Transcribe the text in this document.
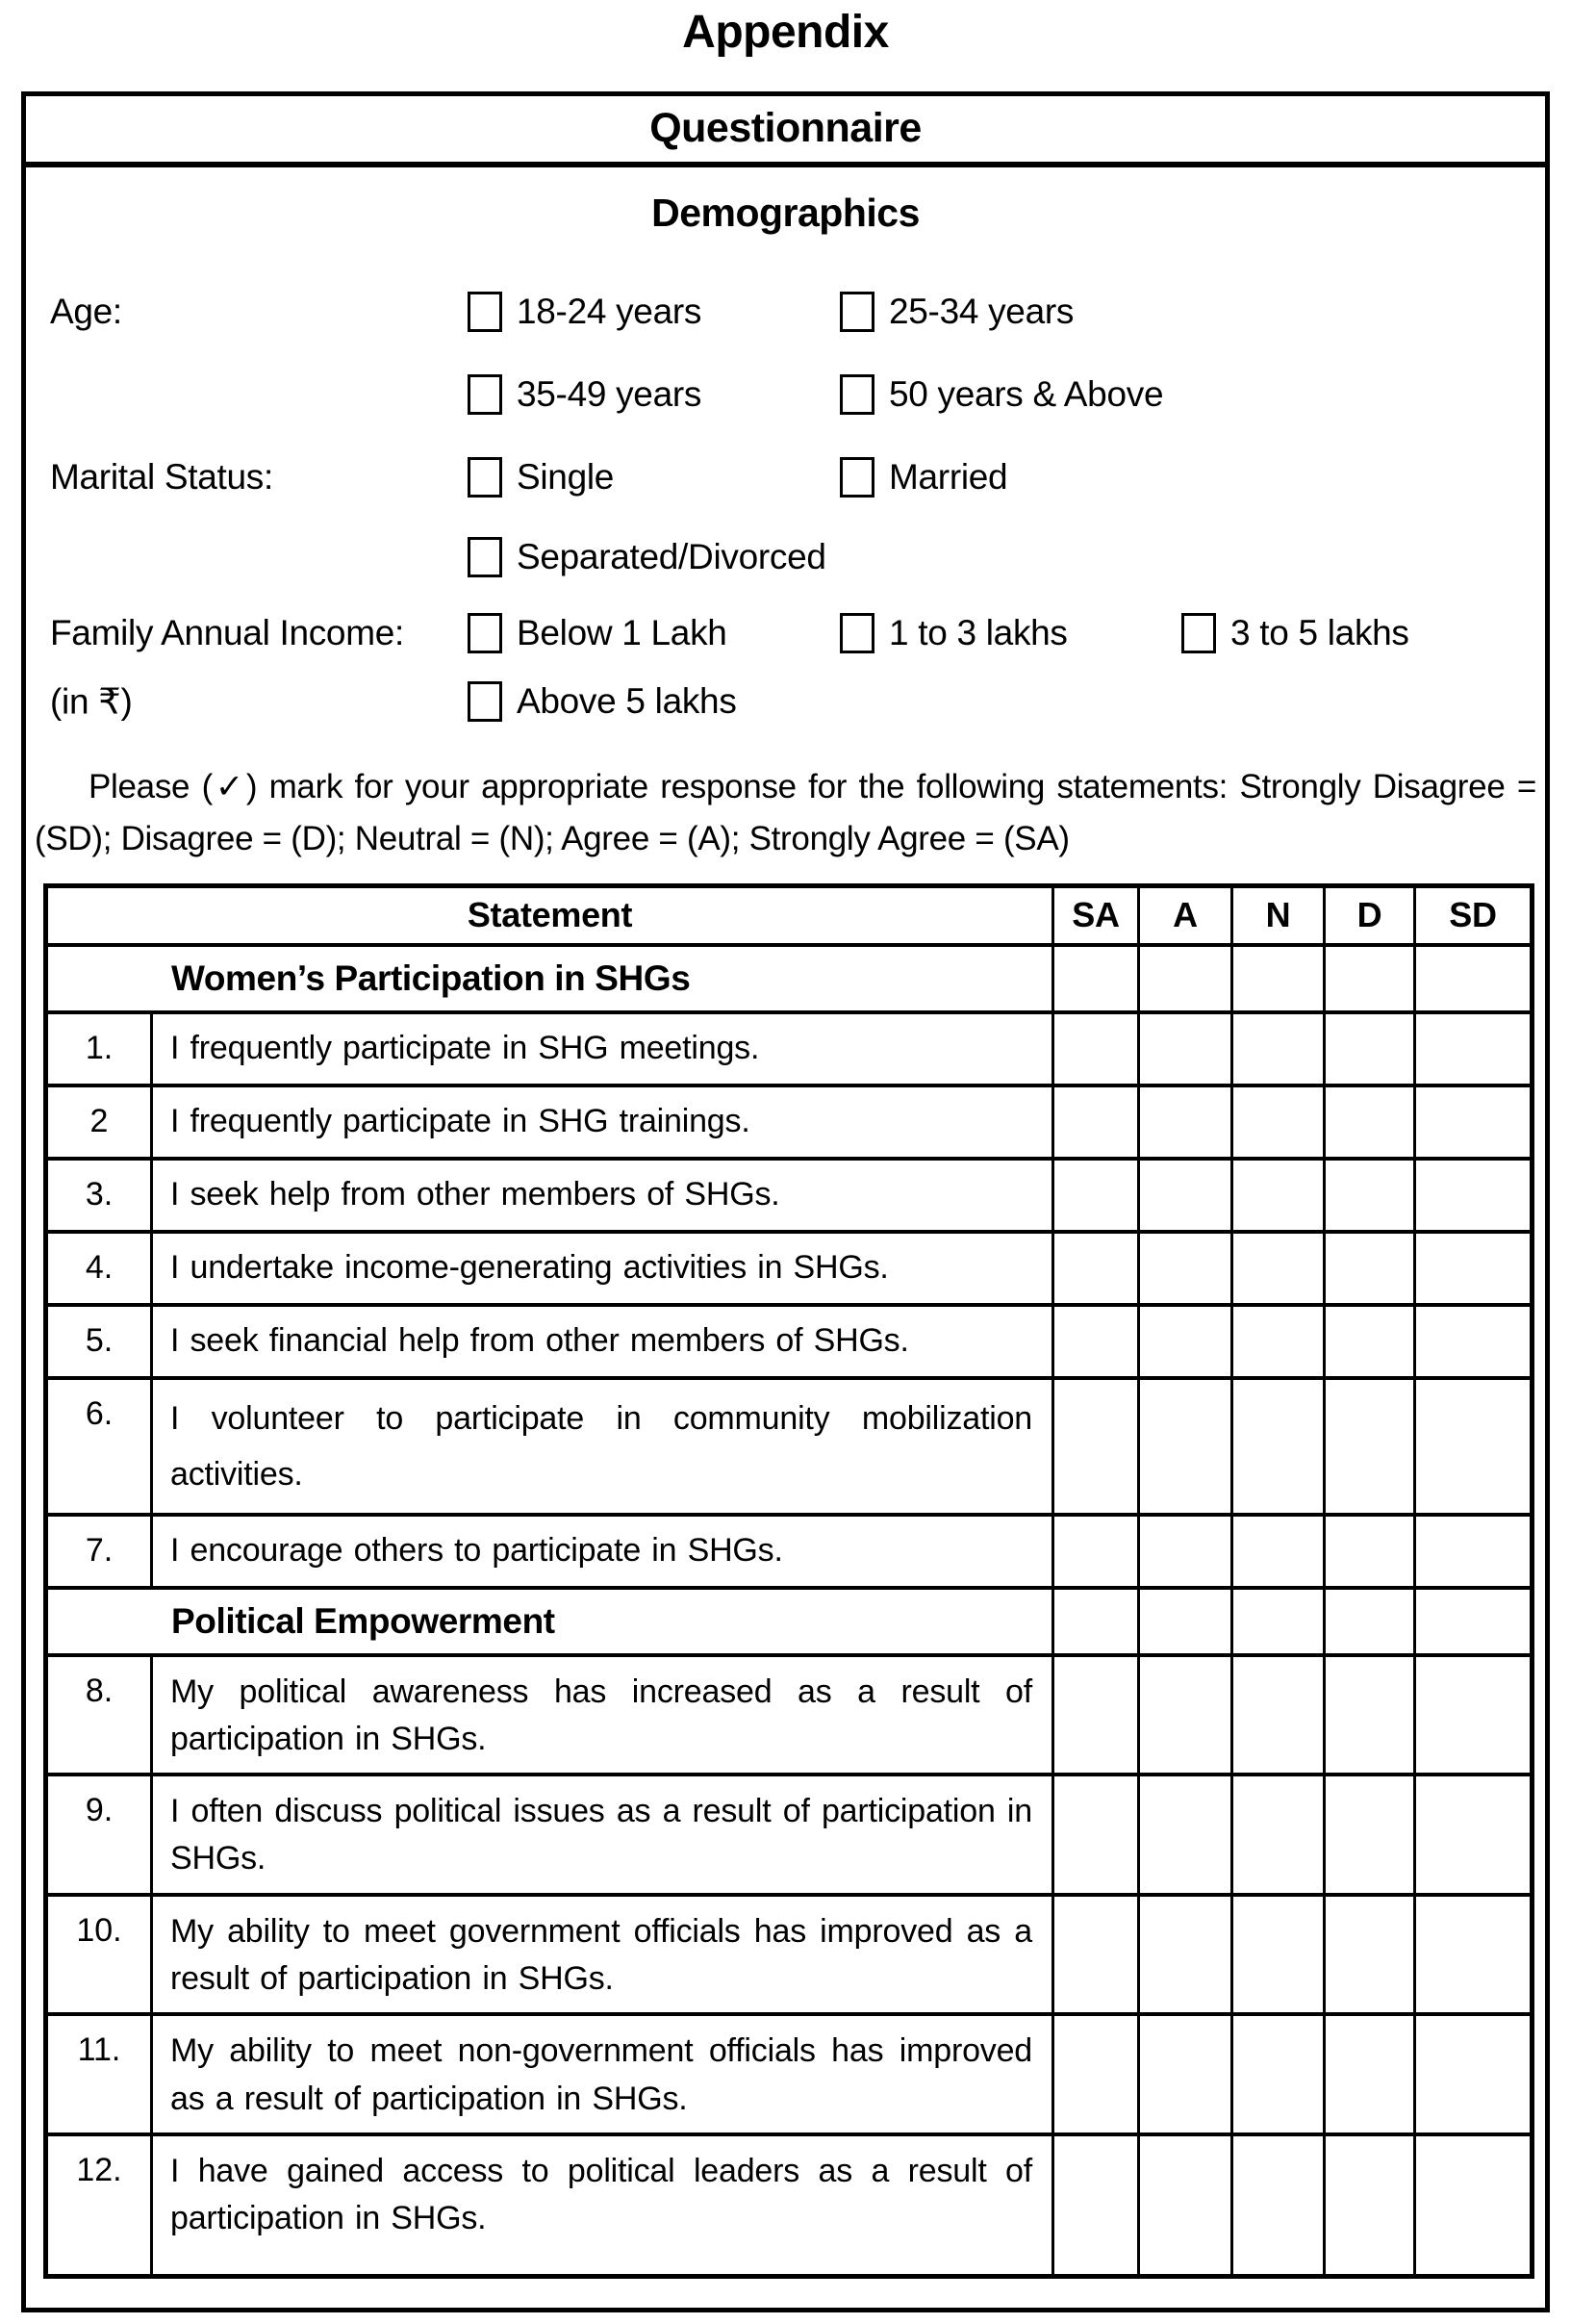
Appendix
Questionnaire
Demographics
Age:	18-24 years	25-34 years
35-49 years	50 years & Above
Marital Status:	Single	Married
Separated/Divorced
Family Annual Income:	Below 1 Lakh	1 to 3 lakhs	3 to 5 lakhs
(in ₹)	Above 5 lakhs

Please (✓) mark for your appropriate response for the following statements: Strongly Disagree = (SD); Disagree = (D); Neutral = (N); Agree = (A); Strongly Agree = (SA)

Statement		SA	A	N	D	SD
Women’s Participation in SHGs						
1.	I frequently participate in SHG meetings.					
2	I frequently participate in SHG trainings.					
3.	I seek help from other members of SHGs.					
4.	I undertake income-generating activities in SHGs.					
5.	I seek financial help from other members of SHGs.					
6.	I volunteer to participate in community mobilization activities.					
7.	I encourage others to participate in SHGs.					
Political Empowerment						
8.	My political awareness has increased as a result of participation in SHGs.					
9.	I often discuss political issues as a result of participation in SHGs.					
10.	My ability to meet government officials has improved as a result of participation in SHGs.					
11.	My ability to meet non-government officials has improved as a result of participation in SHGs.					
12.	I have gained access to political leaders as a result of participation in SHGs.					
